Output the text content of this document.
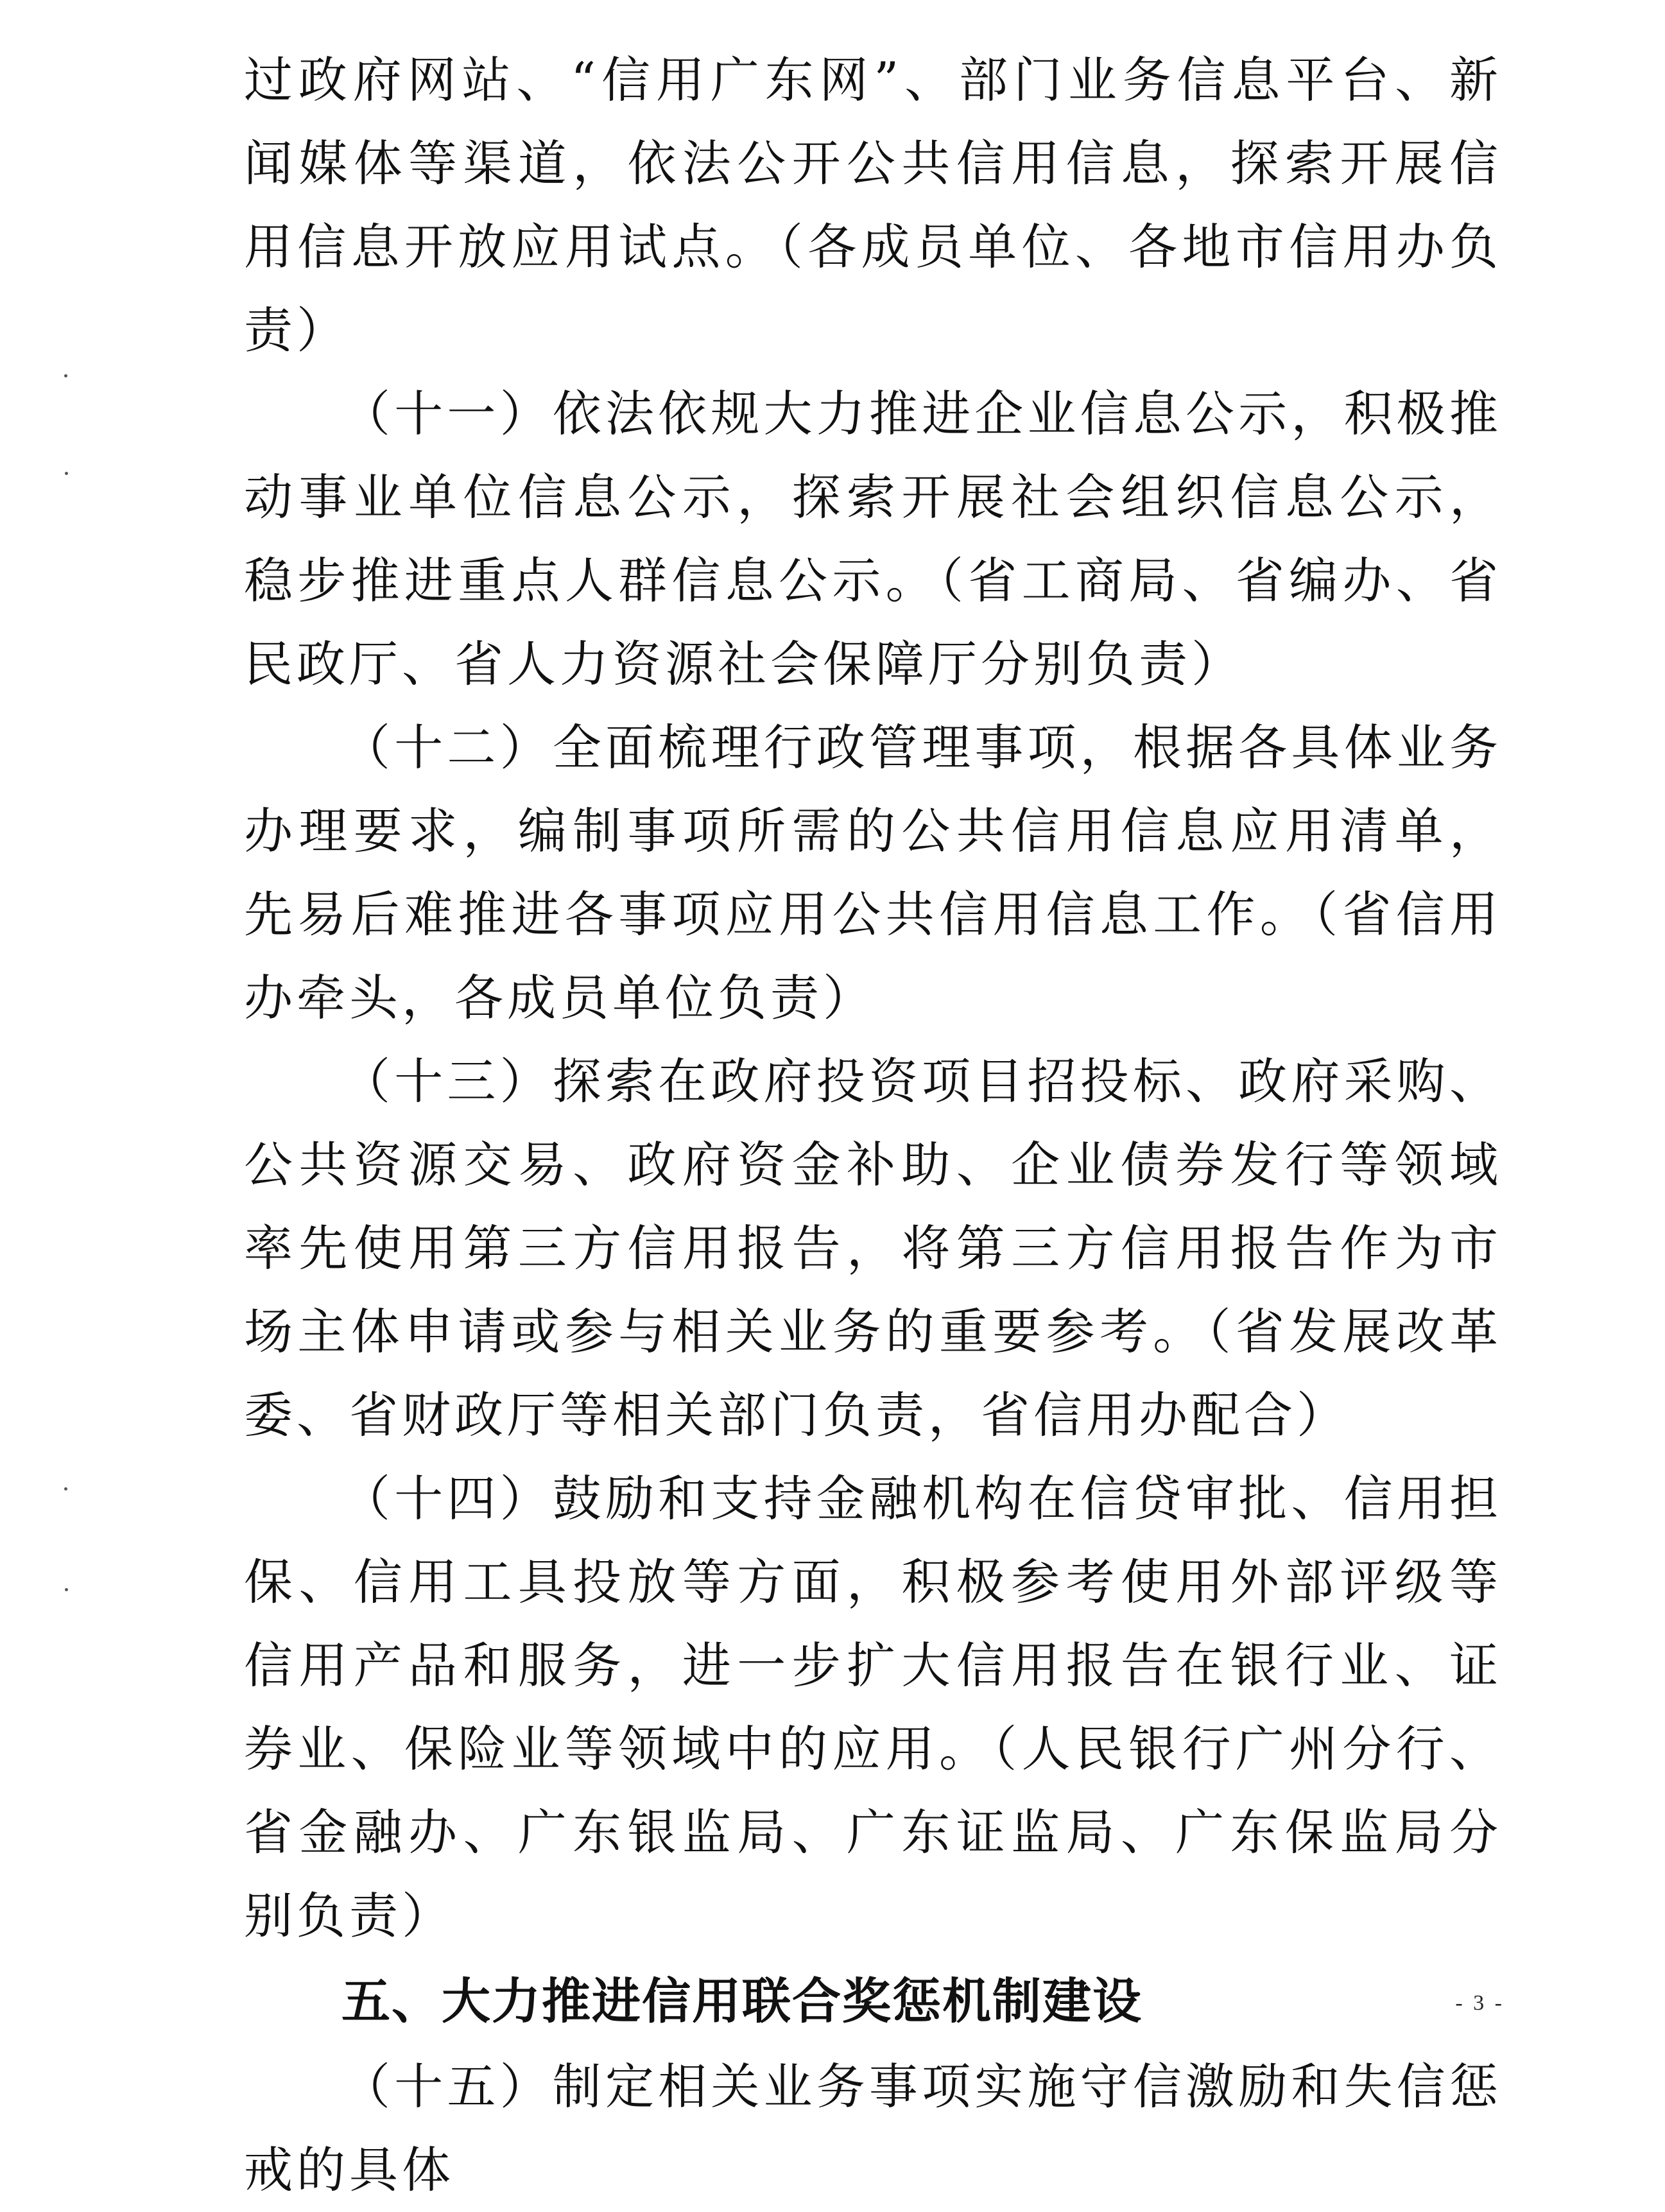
过政府网站、“信用广东网”、部门业务信息平台、新闻媒体等渠道，依法公开公共信用信息，探索开展信用信息开放应用试点。（各成员单位、各地市信用办负责）

（十一）依法依规大力推进企业信息公示，积极推动事业单位信息公示，探索开展社会组织信息公示，稳步推进重点人群信息公示。（省工商局、省编办、省民政厅、省人力资源社会保障厅分别负责）

（十二）全面梳理行政管理事项，根据各具体业务办理要求，编制事项所需的公共信用信息应用清单，先易后难推进各事项应用公共信用信息工作。（省信用办牵头，各成员单位负责）

（十三）探索在政府投资项目招投标、政府采购、公共资源交易、政府资金补助、企业债券发行等领域率先使用第三方信用报告，将第三方信用报告作为市场主体申请或参与相关业务的重要参考。（省发展改革委、省财政厅等相关部门负责，省信用办配合）

（十四）鼓励和支持金融机构在信贷审批、信用担保、信用工具投放等方面，积极参考使用外部评级等信用产品和服务，进一步扩大信用报告在银行业、证券业、保险业等领域中的应用。（人民银行广州分行、省金融办、广东银监局、广东证监局、广东保监局分别负责）

五、大力推进信用联合奖惩机制建设

（十五）制定相关业务事项实施守信激励和失信惩戒的具体

- 3 -
